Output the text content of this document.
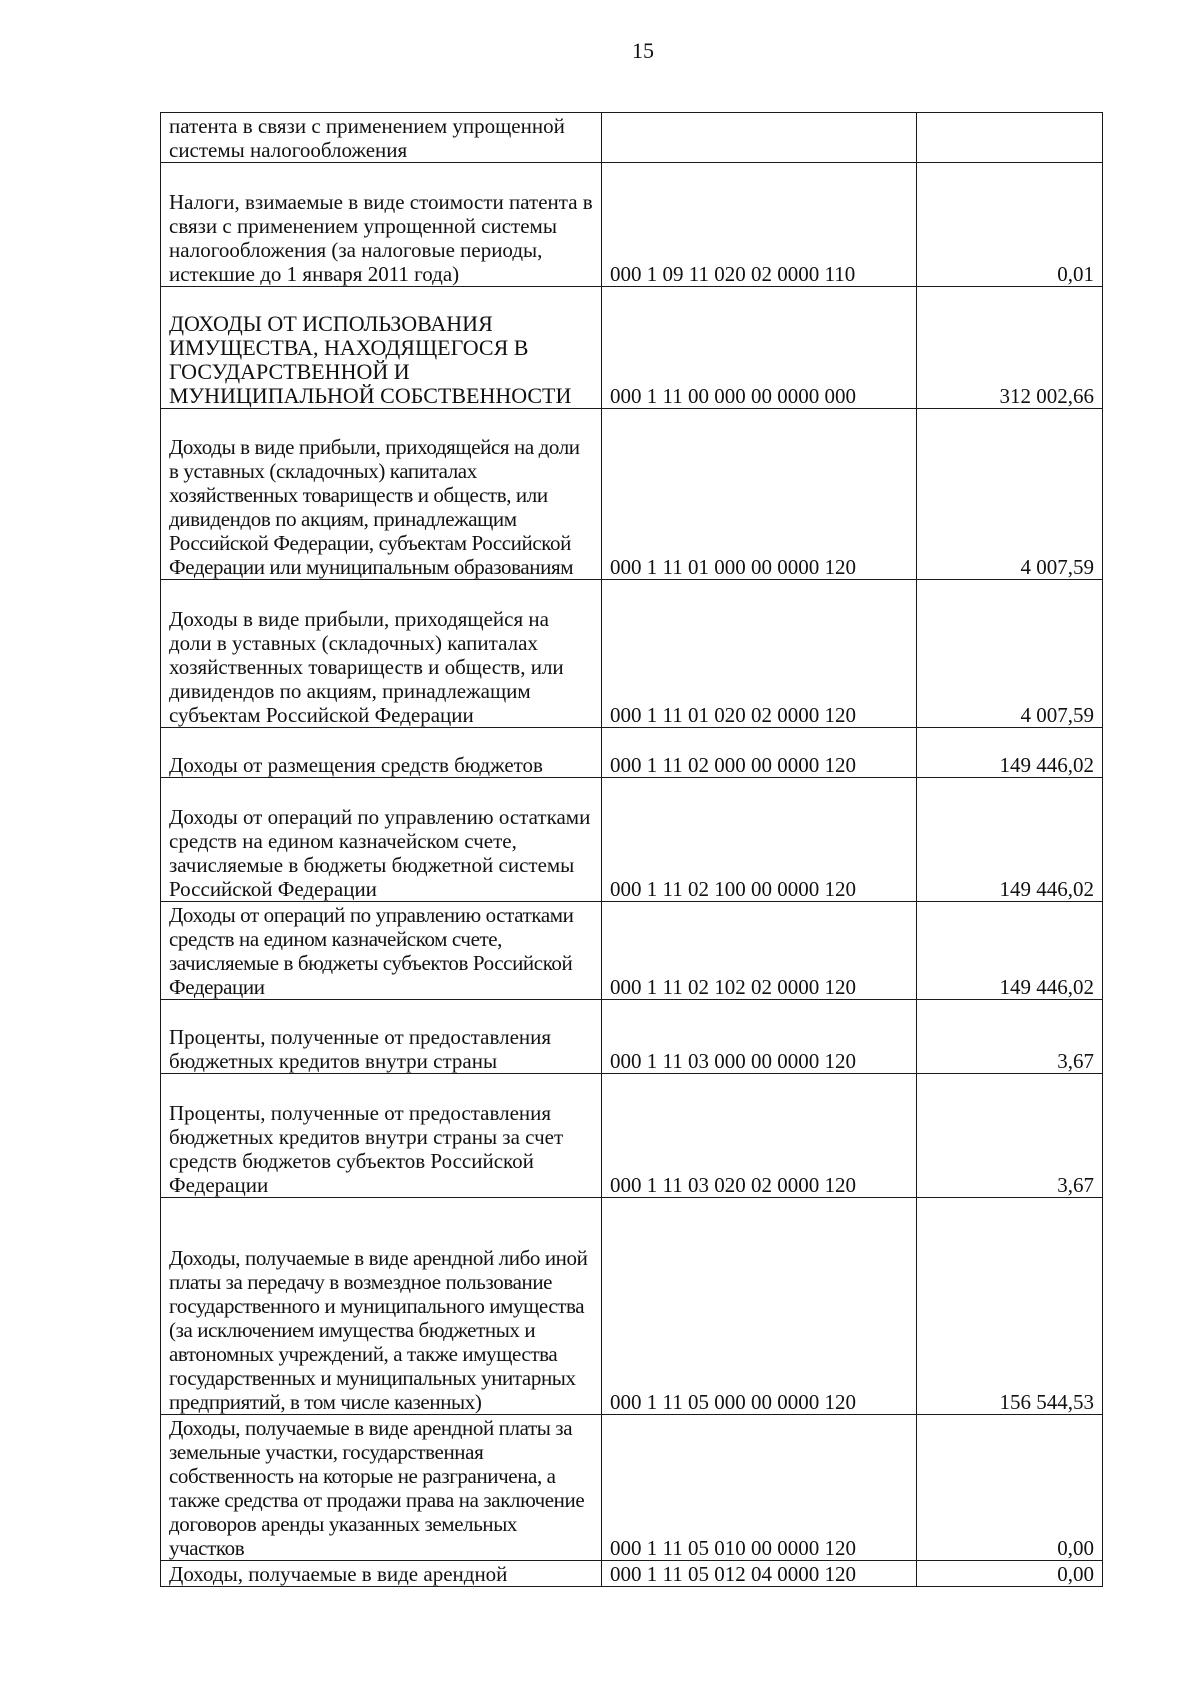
15
патента в связи с применением упрощенной системы налогообложения		
Налоги, взимаемые в виде стоимости патента в связи с применением упрощенной системы налогообложения (за налоговые периоды, истекшие до 1 января 2011 года)	000 1 09 11 020 02 0000 110	0,01
ДОХОДЫ ОТ ИСПОЛЬЗОВАНИЯ ИМУЩЕСТВА, НАХОДЯЩЕГОСЯ В ГОСУДАРСТВЕННОЙ И МУНИЦИПАЛЬНОЙ СОБСТВЕННОСТИ	000 1 11 00 000 00 0000 000	312 002,66
Доходы в виде прибыли, приходящейся на доли в уставных (складочных) капиталах хозяйственных товариществ и обществ, или дивидендов по акциям, принадлежащим Российской Федерации, субъектам Российской Федерации или муниципальным образованиям	000 1 11 01 000 00 0000 120	4 007,59
Доходы в виде прибыли, приходящейся на доли в уставных (складочных) капиталах хозяйственных товариществ и обществ, или дивидендов по акциям, принадлежащим субъектам Российской Федерации	000 1 11 01 020 02 0000 120	4 007,59
Доходы от размещения средств бюджетов	000 1 11 02 000 00 0000 120	149 446,02
Доходы от операций по управлению остатками средств на едином казначейском счете, зачисляемые в бюджеты бюджетной системы Российской Федерации	000 1 11 02 100 00 0000 120	149 446,02
Доходы от операций по управлению остатками средств на едином казначейском счете, зачисляемые в бюджеты субъектов Российской Федерации	000 1 11 02 102 02 0000 120	149 446,02
Проценты, полученные от предоставления бюджетных кредитов внутри страны	000 1 11 03 000 00 0000 120	3,67
Проценты, полученные от предоставления бюджетных кредитов внутри страны за счет средств бюджетов субъектов Российской Федерации	000 1 11 03 020 02 0000 120	3,67
Доходы, получаемые в виде арендной либо иной платы за передачу в возмездное пользование государственного и муниципального имущества (за исключением имущества бюджетных и автономных учреждений, а также имущества государственных и муниципальных унитарных предприятий, в том числе казенных)	000 1 11 05 000 00 0000 120	156 544,53
Доходы, получаемые в виде арендной платы за земельные участки, государственная собственность на которые не разграничена, а также средства от продажи права на заключение договоров аренды указанных земельных участков	000 1 11 05 010 00 0000 120	0,00
Доходы, получаемые в виде арендной	000 1 11 05 012 04 0000 120	0,00
